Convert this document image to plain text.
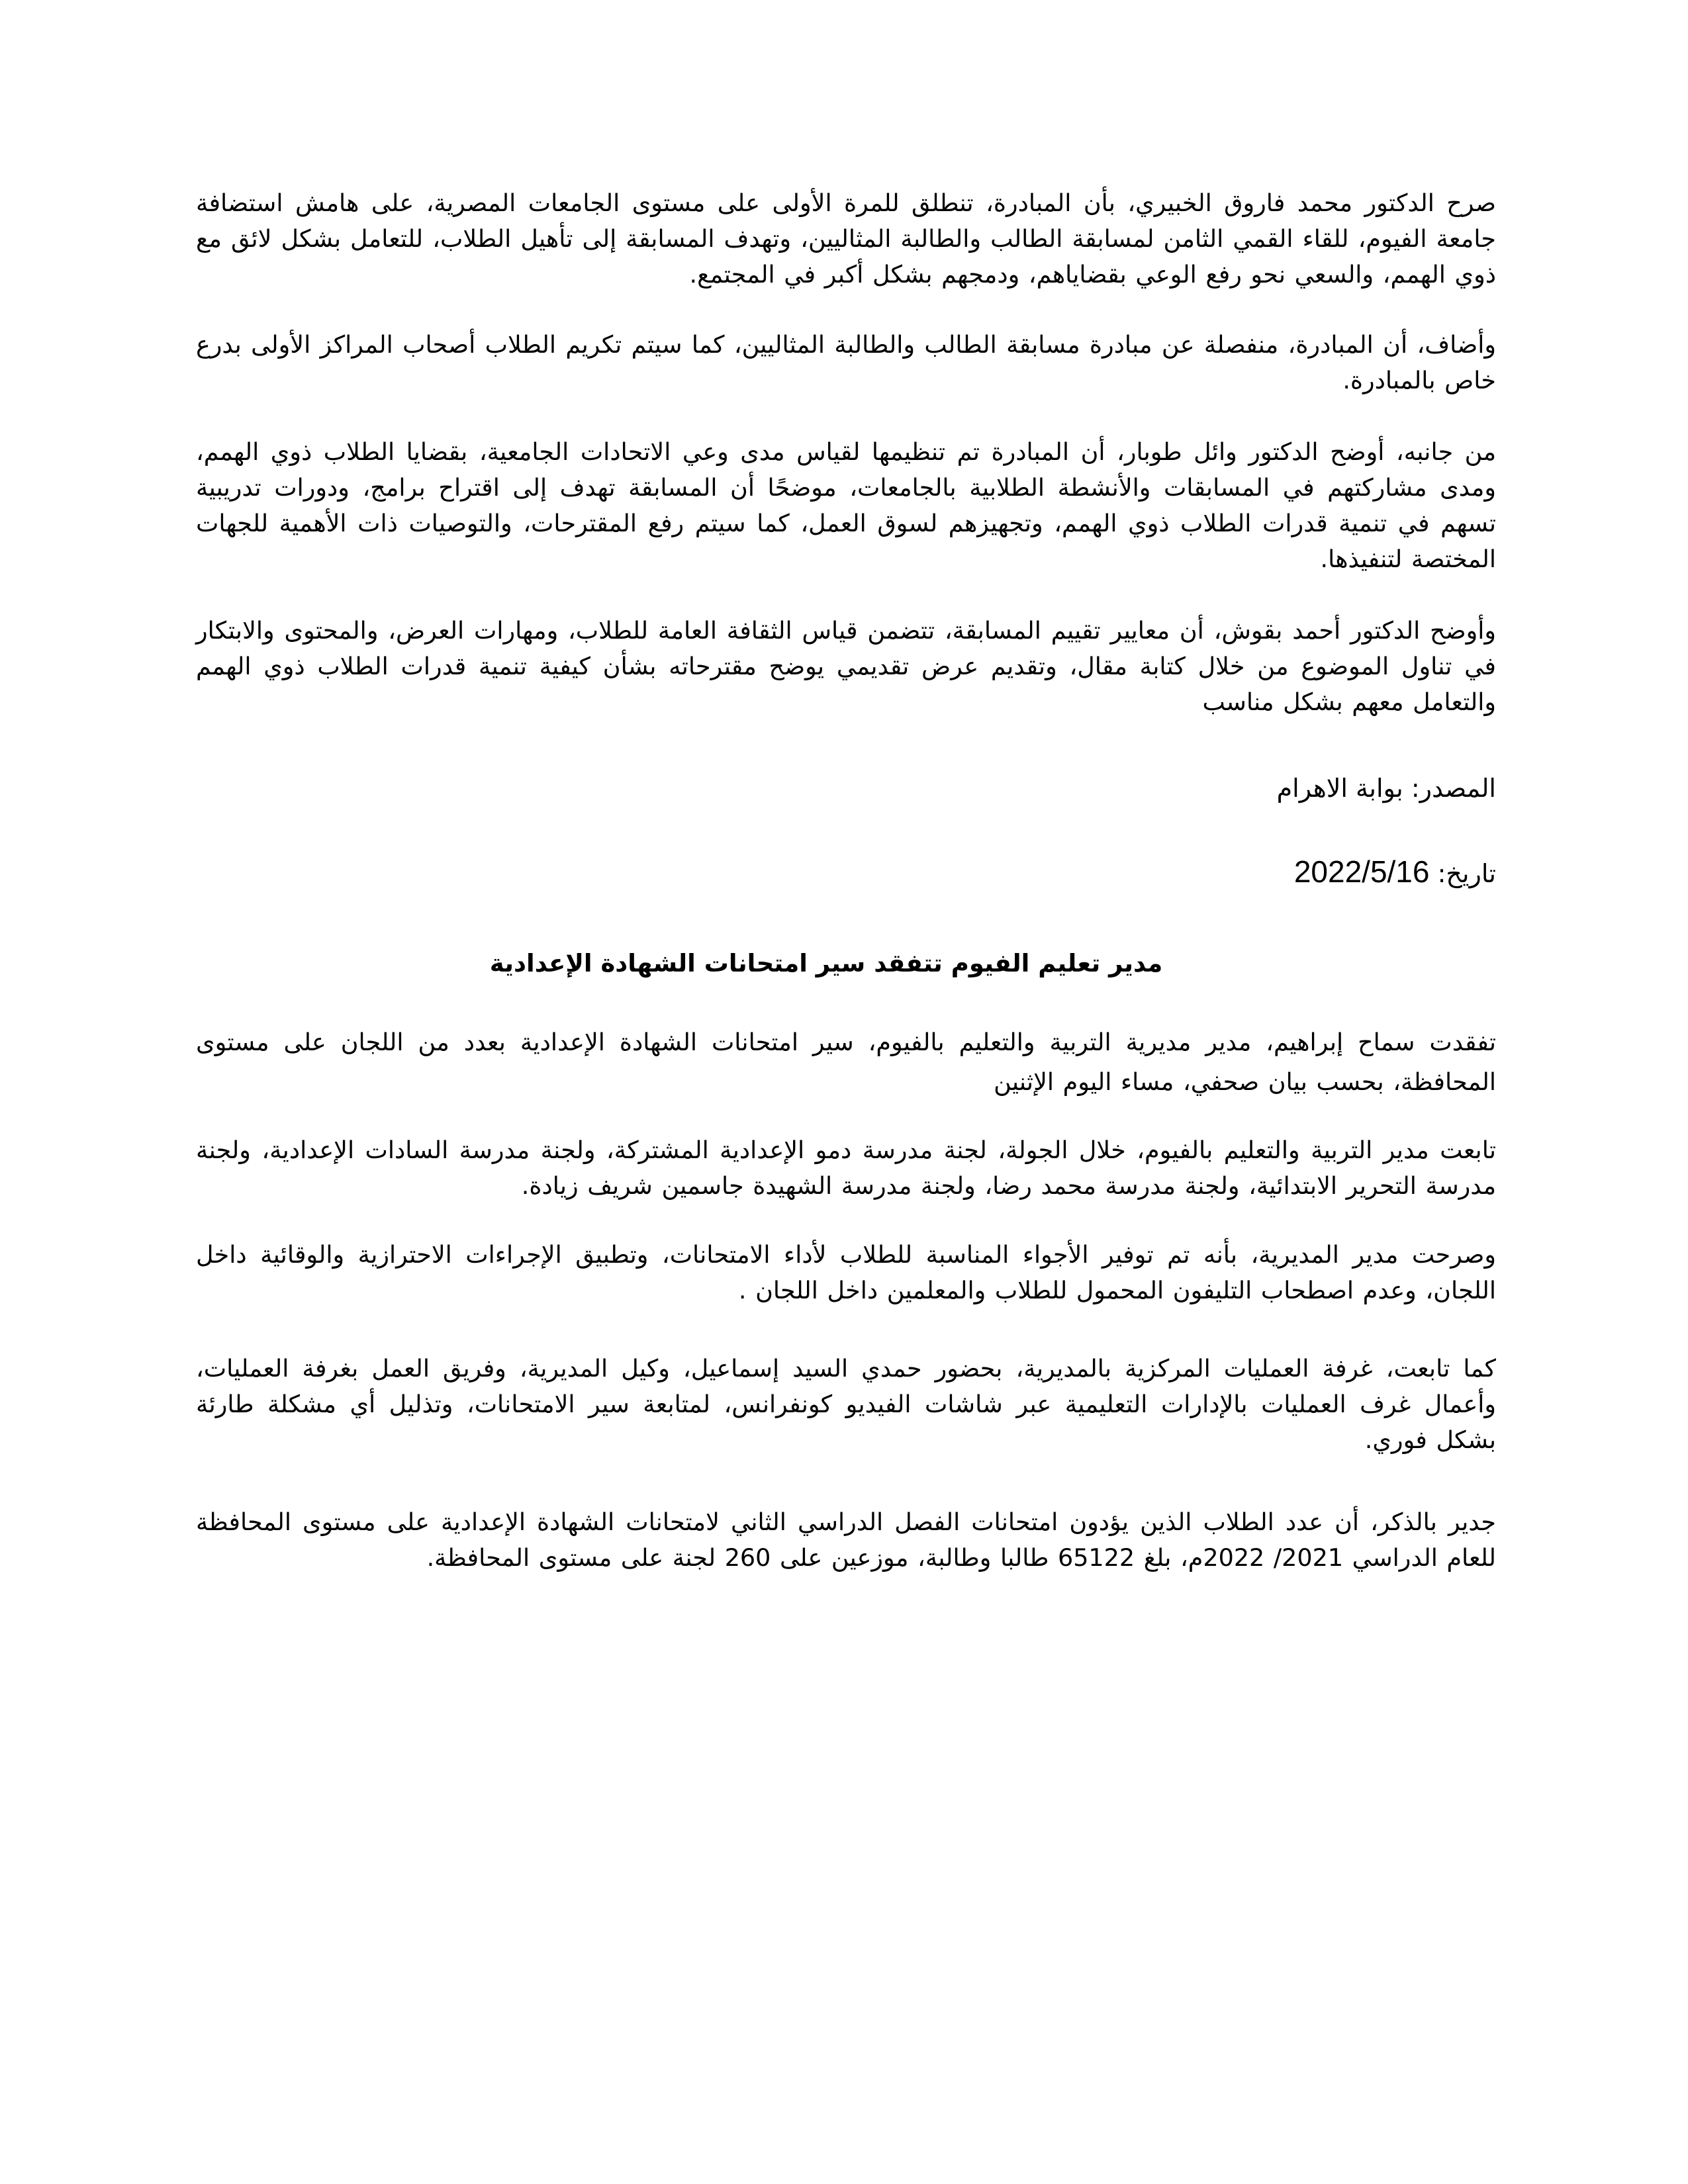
صرح الدكتور محمد فاروق الخبيري، بأن المبادرة، تنطلق للمرة الأولى على مستوى الجامعات المصرية، على هامش استضافة جامعة الفيوم، للقاء القمي الثامن لمسابقة الطالب والطالبة المثاليين، وتهدف المسابقة إلى تأهيل الطلاب، للتعامل بشكل لائق مع ذوي الهمم، والسعي نحو رفع الوعي بقضاياهم، ودمجهم بشكل أكبر في المجتمع.

وأضاف، أن المبادرة، منفصلة عن مبادرة مسابقة الطالب والطالبة المثاليين، كما سيتم تكريم الطلاب أصحاب المراكز الأولى بدرع خاص بالمبادرة.

من جانبه، أوضح الدكتور وائل طوبار، أن المبادرة تم تنظيمها لقياس مدى وعي الاتحادات الجامعية، بقضايا الطلاب ذوي الهمم، ومدى مشاركتهم في المسابقات والأنشطة الطلابية بالجامعات، موضحًا أن المسابقة تهدف إلى اقتراح برامج، ودورات تدريبية تسهم في تنمية قدرات الطلاب ذوي الهمم، وتجهيزهم لسوق العمل، كما سيتم رفع المقترحات، والتوصيات ذات الأهمية للجهات المختصة لتنفيذها.

وأوضح الدكتور أحمد بقوش، أن معايير تقييم المسابقة، تتضمن قياس الثقافة العامة للطلاب، ومهارات العرض، والمحتوى والابتكار في تناول الموضوع من خلال كتابة مقال، وتقديم عرض تقديمي يوضح مقترحاته بشأن كيفية تنمية قدرات الطلاب ذوي الهمم والتعامل معهم بشكل مناسب

المصدر: بوابة الاهرام

تاريخ: 2022/5/16

مدير تعليم الفيوم تتفقد سير امتحانات الشهادة الإعدادية

تفقدت سماح إبراهيم، مدير مديرية التربية والتعليم بالفيوم، سير امتحانات الشهادة الإعدادية بعدد من اللجان على مستوى المحافظة، بحسب بيان صحفي، مساء اليوم الإثنين

تابعت مدير التربية والتعليم بالفيوم، خلال الجولة، لجنة مدرسة دمو الإعدادية المشتركة، ولجنة مدرسة السادات الإعدادية، ولجنة مدرسة التحرير الابتدائية، ولجنة مدرسة محمد رضا، ولجنة مدرسة الشهيدة جاسمين شريف زيادة.

وصرحت مدير المديرية، بأنه تم توفير الأجواء المناسبة للطلاب لأداء الامتحانات، وتطبيق الإجراءات الاحترازية والوقائية داخل اللجان، وعدم اصطحاب التليفون المحمول للطلاب والمعلمين داخل اللجان .

كما تابعت، غرفة العمليات المركزية بالمديرية، بحضور حمدي السيد إسماعيل، وكيل المديرية، وفريق العمل بغرفة العمليات، وأعمال غرف العمليات بالإدارات التعليمية عبر شاشات الفيديو كونفرانس، لمتابعة سير الامتحانات، وتذليل أي مشكلة طارئة بشكل فوري.

جدير بالذكر، أن عدد الطلاب الذين يؤدون امتحانات الفصل الدراسي الثاني لامتحانات الشهادة الإعدادية على مستوى المحافظة للعام الدراسي 2021/ 2022م، بلغ 65122 طالبا وطالبة، موزعين على 260 لجنة على مستوى المحافظة.
